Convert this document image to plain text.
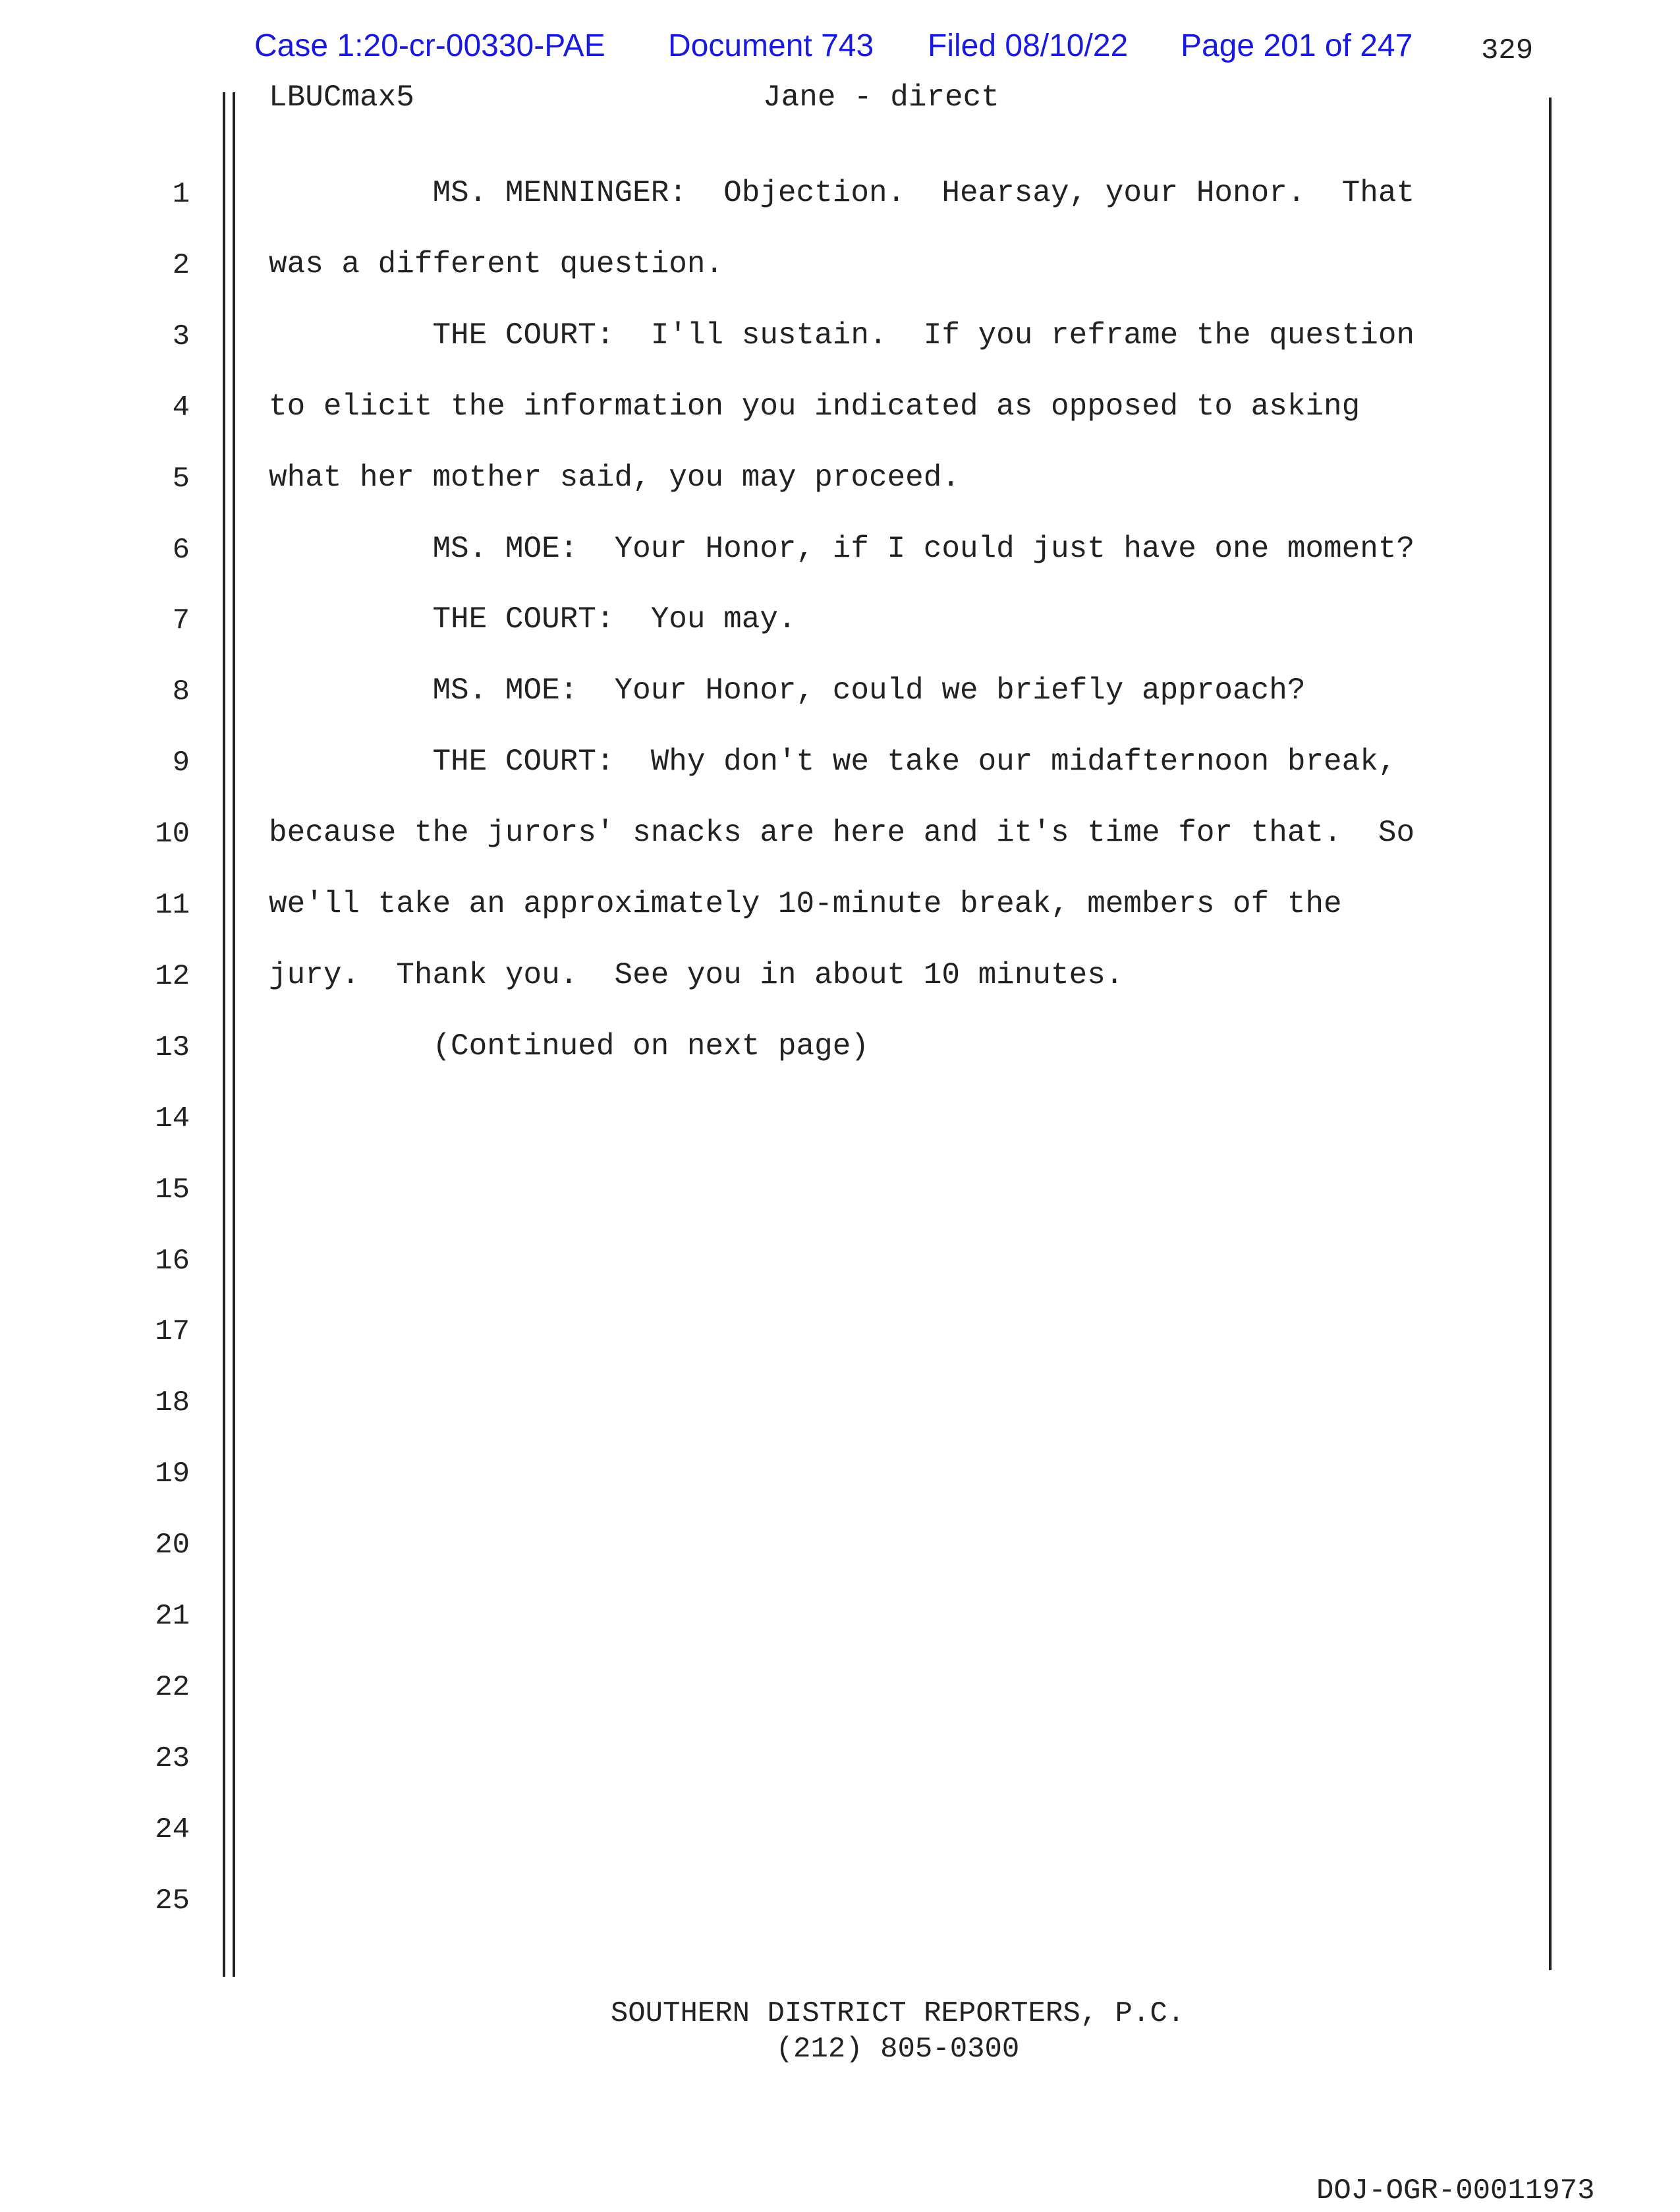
Case 1:20-cr-00330-PAE Document 743 Filed 08/10/22 Page 201 of 247 329
LBUCmax5	Jane - direct
1
2
3
4
5
6
7
8
9
10
11
12
13
14
15
16
17
18
19
20
21
22
23
24
25
MS. MENNINGER:  Objection.  Hearsay, your Honor.  That
was a different question.
THE COURT:  I'll sustain.  If you reframe the question
to elicit the information you indicated as opposed to asking
what her mother said, you may proceed.
MS. MOE:  Your Honor, if I could just have one moment?
THE COURT:  You may.
MS. MOE:  Your Honor, could we briefly approach?
THE COURT:  Why don't we take our midafternoon break,
because the jurors' snacks are here and it's time for that.  So
we'll take an approximately 10-minute break, members of the
jury.  Thank you.  See you in about 10 minutes.
(Continued on next page)
SOUTHERN DISTRICT REPORTERS, P.C.
(212) 805-0300
DOJ-OGR-00011973
